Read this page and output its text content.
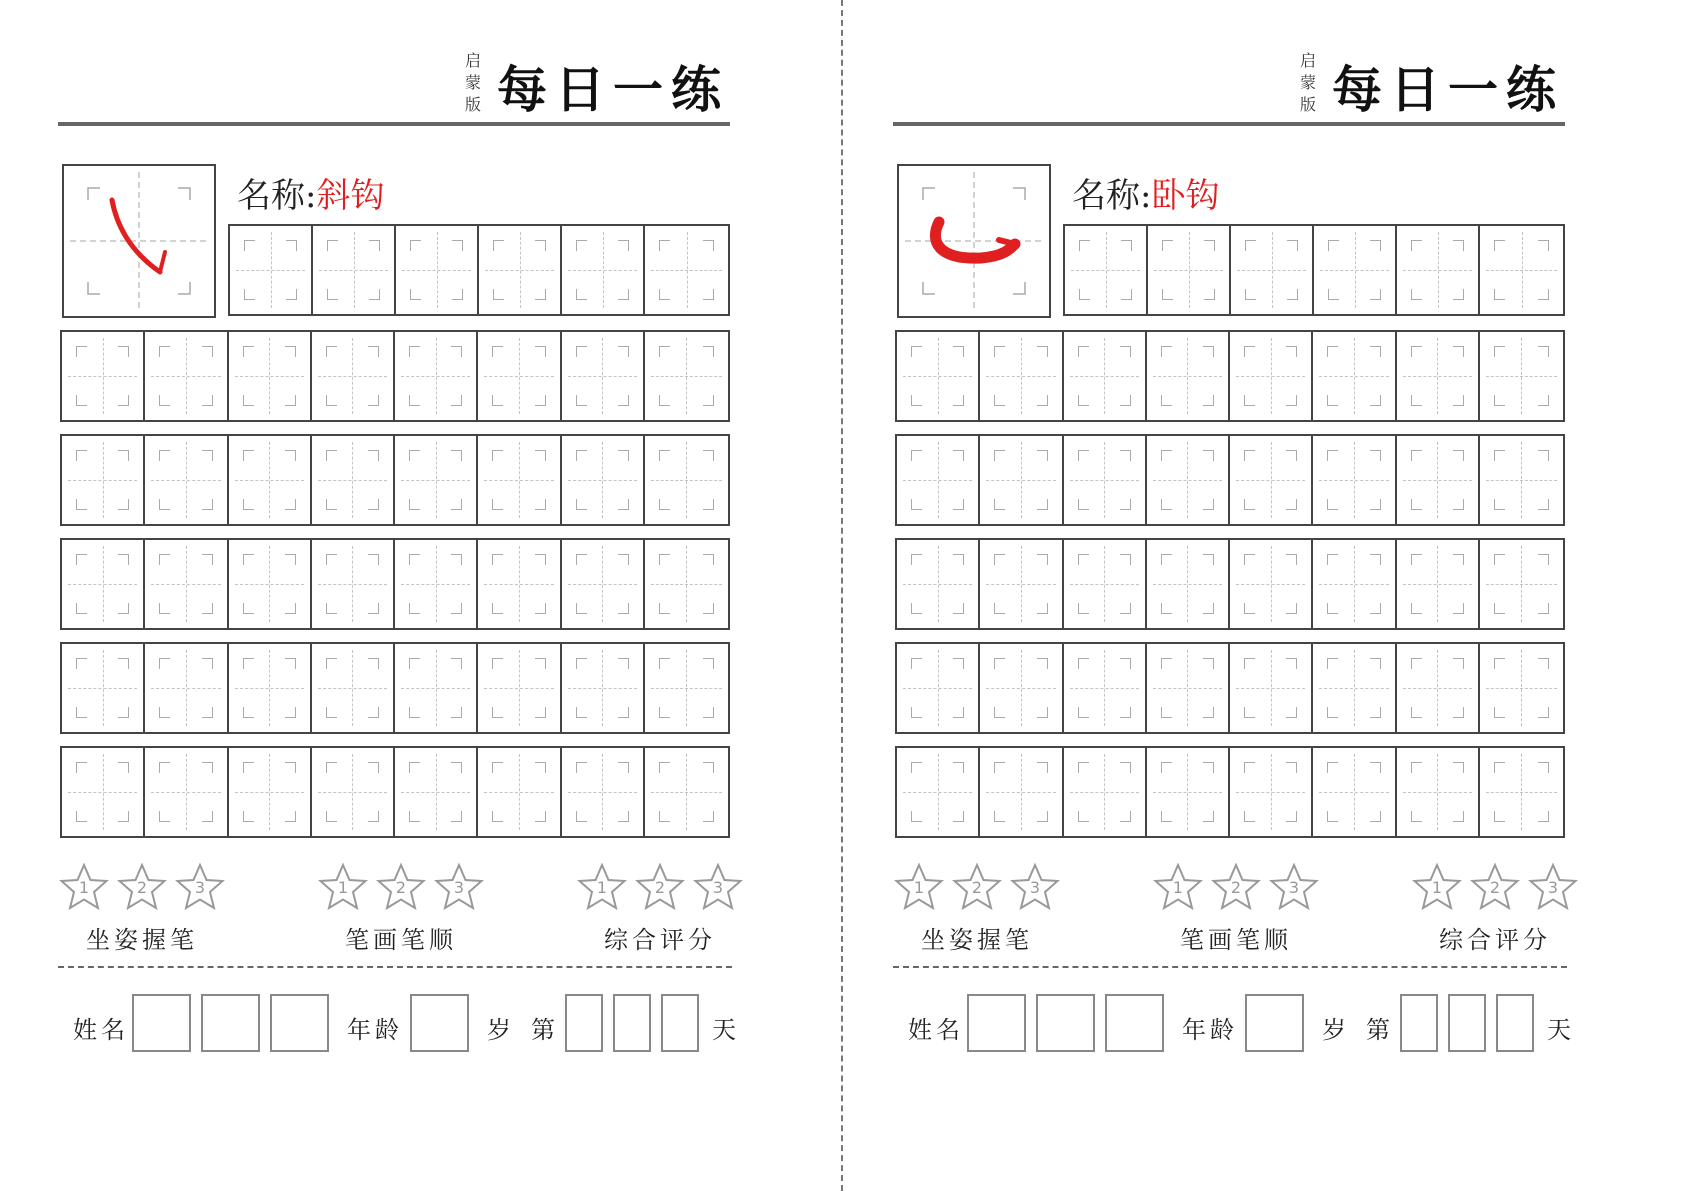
启
蒙
版 每日一练
名称:斜钩
1	2	3
坐姿握笔
1	2	3
笔画笔顺
1	2	3
综合评分
姓名	年龄	岁 第	天
启
蒙
版 每日一练
名称:卧钩
1	2	3
坐姿握笔
1	2	3
笔画笔顺
1	2	3
综合评分
姓名	年龄	岁 第	天
